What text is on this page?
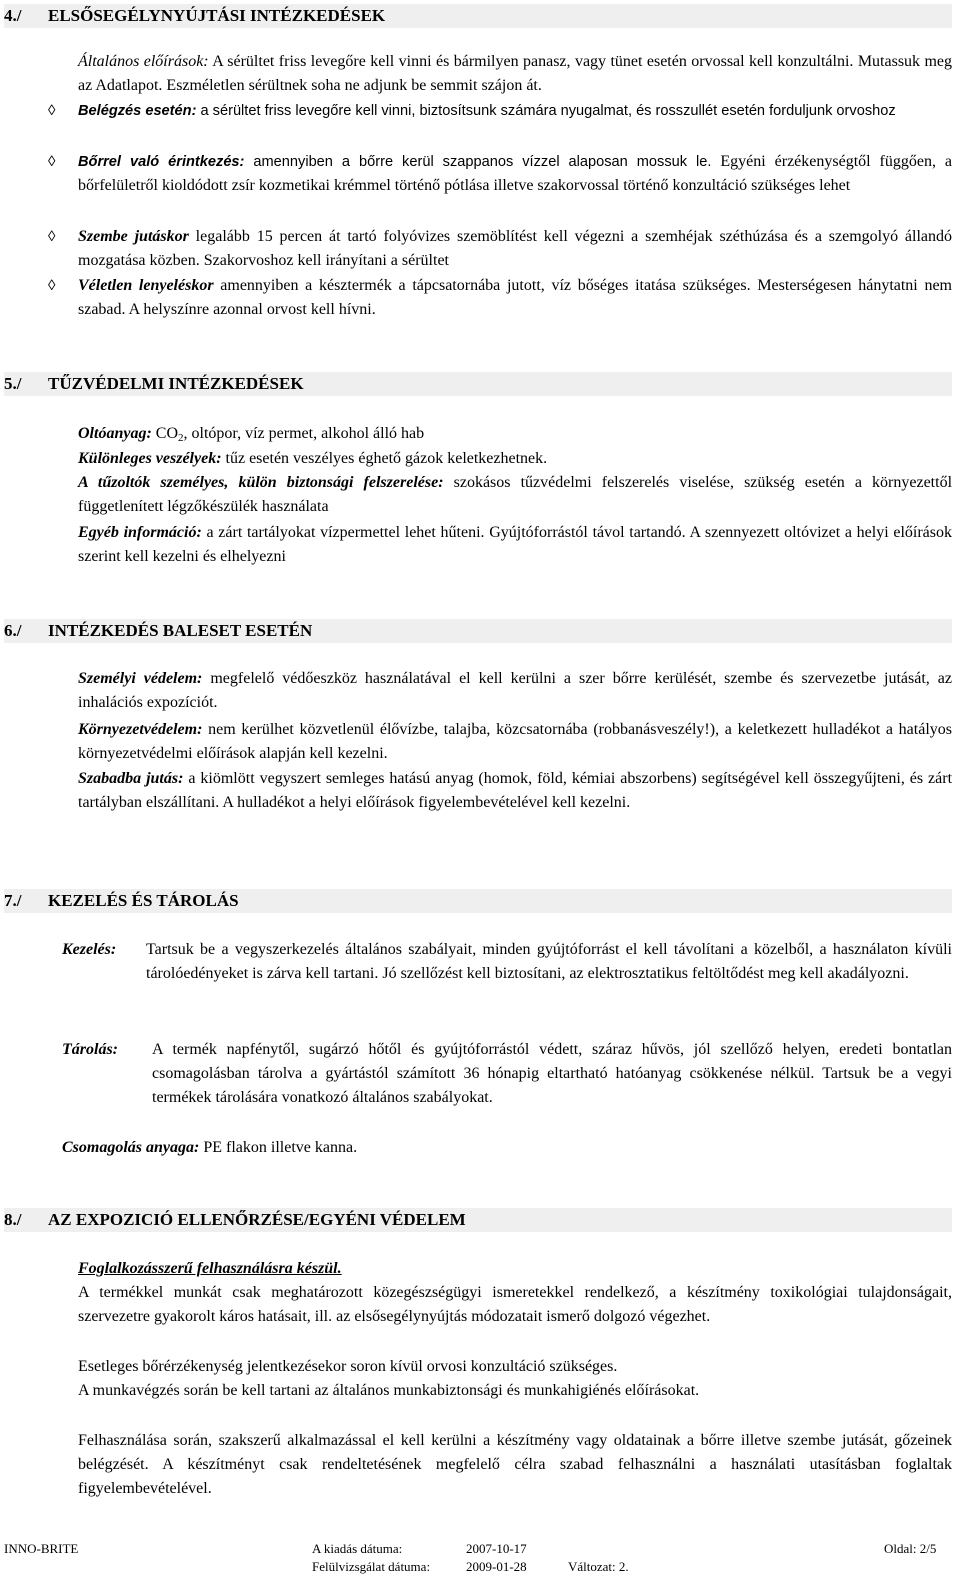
4./ ELSŐSEGÉLYNYÚJTÁSI INTÉZKEDÉSEK
Általános előírások: A sérültet friss levegőre kell vinni és bármilyen panasz, vagy tünet esetén orvossal kell konzultálni. Mutassuk meg az Adatlapot. Eszméletlen sérültnek soha ne adjunk be semmit szájon át.
◊	Belégzés esetén: a sérültet friss levegőre kell vinni, biztosítsunk számára nyugalmat, és rosszullét esetén forduljunk orvoshoz
◊	Bőrrel való érintkezés: amennyiben a bőrre kerül szappanos vízzel alaposan mossuk le. Egyéni érzékenységtől függően, a bőrfelületről kioldódott zsír kozmetikai krémmel történő pótlása illetve szakorvossal történő konzultáció szükséges lehet
◊	Szembe jutáskor legalább 15 percen át tartó folyóvizes szemöblítést kell végezni a szemhéjak széthúzása és a szemgolyó állandó mozgatása közben. Szakorvoshoz kell irányítani a sérültet
◊	Véletlen lenyeléskor amennyiben a késztermék a tápcsatornába jutott, víz bőséges itatása szükséges. Mesterségesen hánytatni nem szabad. A helyszínre azonnal orvost kell hívni.
5./ TŰZVÉDELMI INTÉZKEDÉSEK
Oltóanyag: $CO_2$, oltópor, víz permet, alkohol álló hab
Különleges veszélyek: tűz esetén veszélyes éghető gázok keletkezhetnek.
A tűzoltók személyes, külön biztonsági felszerelése: szokásos tűzvédelmi felszerelés viselése, szükség esetén a környezettől függetlenített légzőkészülék használata
Egyéb információ: a zárt tartályokat vízpermettel lehet hűteni. Gyújtóforrástól távol tartandó. A szennyezett oltóvizet a helyi előírások szerint kell kezelni és elhelyezni
6./ INTÉZKEDÉS BALESET ESETÉN
Személyi védelem: megfelelő védőeszköz használatával el kell kerülni a szer bőrre kerülését, szembe és szervezetbe jutását, az inhalációs expozíciót.
Környezetvédelem: nem kerülhet közvetlenül élővízbe, talajba, közcsatornába (robbanásveszély!), a keletkezett hulladékot a hatályos környezetvédelmi előírások alapján kell kezelni.
Szabadba jutás: a kiömlött vegyszert semleges hatású anyag (homok, föld, kémiai abszorbens) segítségével kell összegyűjteni, és zárt tartályban elszállítani. A hulladékot a helyi előírások figyelembevételével kell kezelni.
7./ KEZELÉS ÉS TÁROLÁS
Kezelés: Tartsuk be a vegyszerkezelés általános szabályait, minden gyújtóforrást el kell távolítani a közelből, a használaton kívüli tárolóedényeket is zárva kell tartani. Jó szellőzést kell biztosítani, az elektrosztatikus feltöltődést meg kell akadályozni.
Tárolás:	A termék napfénytől, sugárzó hőtől és gyújtóforrástól védett, száraz hűvös, jól szellőző helyen, eredeti bontatlan csomagolásban tárolva a gyártástól számított 36 hónapig eltartható hatóanyag csökkenése nélkül. Tartsuk be a vegyi termékek tárolására vonatkozó általános szabályokat.
Csomagolás anyaga: PE flakon illetve kanna.
8./ AZ EXPOZICIÓ ELLENŐRZÉSE/EGYÉNI VÉDELEM
Foglalkozásszerű felhasználásra készül.
A termékkel munkát csak meghatározott közegészségügyi ismeretekkel rendelkező, a készítmény toxikológiai tulajdonságait, szervezetre gyakorolt káros hatásait, ill. az elsősegélynyújtás módozatait ismerő dolgozó végezhet.
Esetleges bőrérzékenység jelentkezésekor soron kívül orvosi konzultáció szükséges.
A munkavégzés során be kell tartani az általános munkabiztonsági és munkahigiénés előírásokat.
Felhasználása során, szakszerű alkalmazással el kell kerülni a készítmény vagy oldatainak a bőrre illetve szembe jutását, gőzeinek belégzését. A készítményt csak rendeltetésének megfelelő célra szabad felhasználni a használati utasításban foglaltak figyelembevételével.
INNO-BRITE	A kiadás dátuma:	2007-10-17	Oldal: 2/5
Felülvizsgálat dátuma:	2009-01-28	Változat: 2.
